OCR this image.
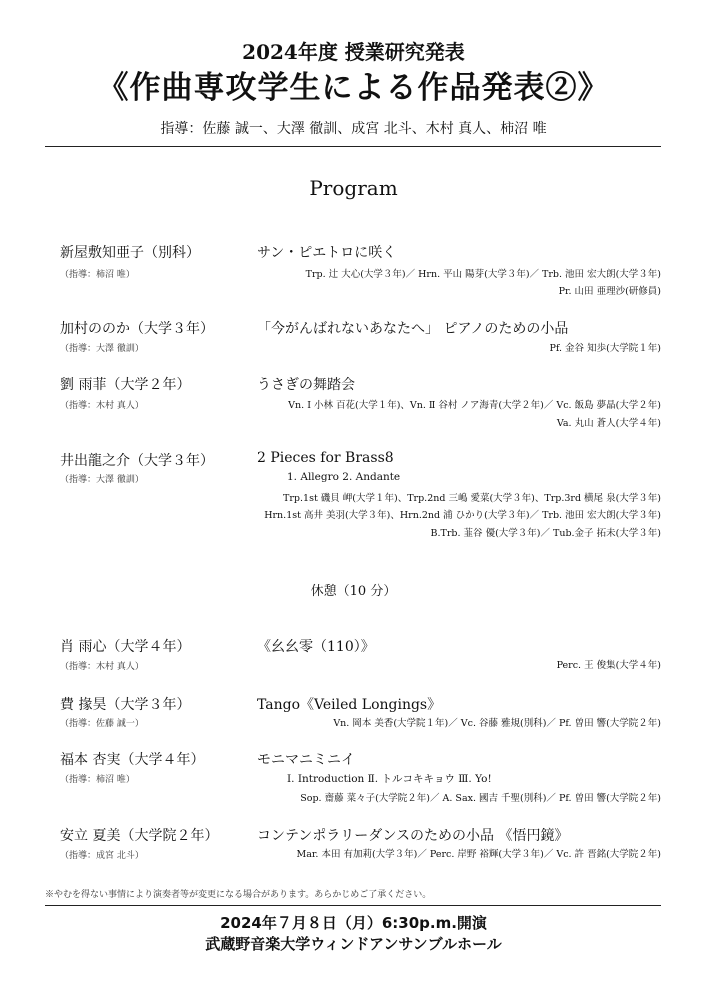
2024年度 授業研究発表
《作曲専攻学生による作品発表②》
指導：佐藤 誠一、大澤 徹訓、成宮 北斗、木村 真人、柿沼 唯
Program
新屋敷知亜子（別科）	サン・ピエトロに咲く
（指導：柿沼 唯）	Trp. 辻 大心(大学３年)／ Hrn. 平山 陽芽(大学３年)／ Trb. 池田 宏大朗(大学３年)
Pr. 山田 亜理沙(研修員)
加村ののか（大学３年）	「今がんばれないあなたへ」 ピアノのための小品
（指導：大澤 徹訓）	Pf. 金谷 知歩(大学院１年)
劉 雨菲（大学２年）	うさぎの舞踏会
（指導：木村 真人）	Vn. Ⅰ 小林 百花(大学１年)、Vn. Ⅱ 谷村 ノア海青(大学２年)／ Vc. 飯島 夢晶(大学２年)
Va. 丸山 蒼人(大学４年)
井出龍之介（大学３年）	2 Pieces for Brass8
（指導：大澤 徹訓）	1. Allegro 2. Andante
Trp.1st 磯貝 岬(大学１年)、Trp.2nd 三嶋 愛菜(大学３年)、Trp.3rd 横尾 泉(大学３年)
Hrn.1st 高井 美羽(大学３年)、Hrn.2nd 浦 ひかり(大学３年)／ Trb. 池田 宏大朗(大学３年)
B.Trb. 韮谷 優(大学３年)／ Tub.金子 拓未(大学３年)
休憩（10 分）
肖 雨心（大学４年）	《幺幺零（110）》
（指導：木村 真人）	Perc. 王 俊集(大学４年)
費 掾昊（大学３年）	Tango《Veiled Longings》
（指導：佐藤 誠一）	Vn. 岡本 美香(大学院１年)／ Vc. 谷藤 雅規(別科)／ Pf. 曽田 響(大学院２年)
福本 杏実（大学４年）	モニマニミニイ
（指導：柿沼 唯）	Ⅰ. Introduction Ⅱ. トルコキキョウ Ⅲ. Yo!
Sop. 齋藤 菜々子(大学院２年)／ A. Sax. 國吉 千聖(別科)／ Pf. 曽田 響(大学院２年)
安立 夏美（大学院２年）	コンテンポラリーダンスのための小品 《悟円鏡》
（指導：成宮 北斗）	Mar. 本田 有加莉(大学３年)／ Perc. 岸野 裕輝(大学３年)／ Vc. 許 晋銘(大学院２年)
※やむを得ない事情により演奏者等が変更になる場合があります。あらかじめご了承ください。
2024年７月８日（月）6:30p.m.開演
武蔵野音楽大学ウィンドアンサンブルホール
